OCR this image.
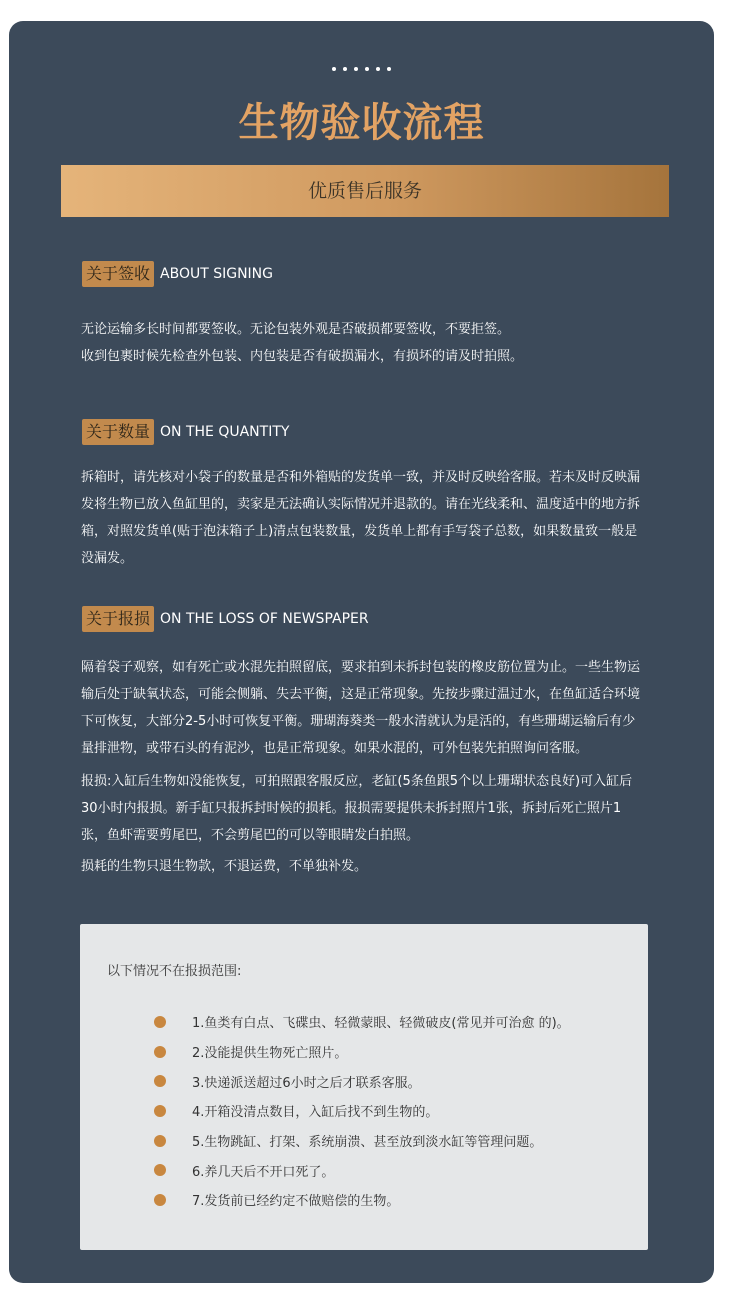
生物验收流程
优质售后服务
关于签收 ABOUT SIGNING

无论运输多长时间都要签收。无论包装外观是否破损都要签收，不要拒签。

收到包裹时候先检查外包装、内包装是否有破损漏水，有损坏的请及时拍照。

关于数量 ON THE QUANTITY

拆箱时，请先核对小袋子的数量是否和外箱贴的发货单一致，并及时反映给客服。若未及时反映漏发将生物已放入鱼缸里的，卖家是无法确认实际情况并退款的。请在光线柔和、温度适中的地方拆箱，对照发货单(贴于泡沫箱子上)清点包装数量，发货单上都有手写袋子总数，如果数量致一般是没漏发。

关于报损 ON THE LOSS OF NEWSPAPER

隔着袋子观察，如有死亡或水混先拍照留底，要求拍到未拆封包装的橡皮筋位置为止。一些生物运输后处于缺氧状态，可能会侧躺、失去平衡，这是正常现象。先按步骤过温过水，在鱼缸适合环境下可恢复，大部分2-5小时可恢复平衡。珊瑚海葵类一般水清就认为是活的，有些珊瑚运输后有少量排泄物，或带石头的有泥沙，也是正常现象。如果水混的，可外包装先拍照询问客服。

报损:入缸后生物如没能恢复，可拍照跟客服反应，老缸(5条鱼跟5个以上珊瑚状态良好)可入缸后30小时内报损。新手缸只报拆封时候的损耗。报损需要提供未拆封照片1张，拆封后死亡照片1张，鱼虾需要剪尾巴，不会剪尾巴的可以等眼睛发白拍照。

损耗的生物只退生物款，不退运费，不单独补发。

以下情况不在报损范围:
1.鱼类有白点、飞碟虫、轻微蒙眼、轻微破皮(常见并可治愈 的)。
2.没能提供生物死亡照片。
3.快递派送超过6小时之后才联系客服。
4.开箱没清点数目，入缸后找不到生物的。
5.生物跳缸、打架、系统崩溃、甚至放到淡水缸等管理问题。
6.养几天后不开口死了。
7.发货前已经约定不做赔偿的生物。
